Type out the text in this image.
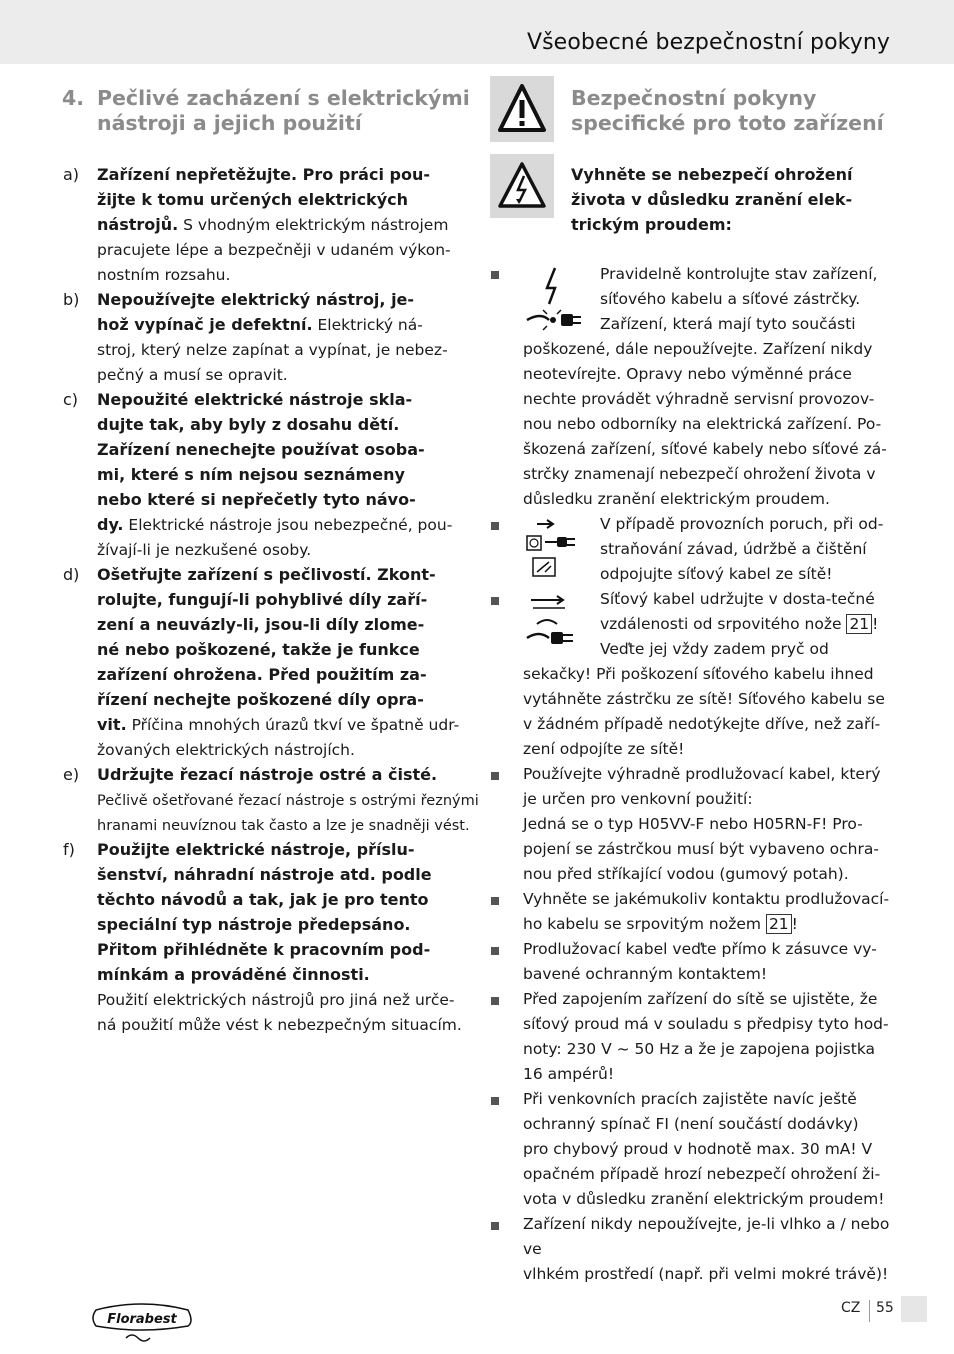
Všeobecné bezpečnostní pokyny
4. Pečlivé zacházení s elektrickými
nástroji a jejich použití
a) Zařízení nepřetěžujte. Pro práci pou-
žijte k tomu určených elektrických
nástrojů. S vhodným elektrickým nástrojem
pracujete lépe a bezpečněji v udaném výkon-
nostním rozsahu.
b) Nepoužívejte elektrický nástroj, je-
hož vypínač je defektní. Elektrický ná-
stroj, který nelze zapínat a vypínat, je nebez-
pečný a musí se opravit.
c) Nepoužité elektrické nástroje skla-
dujte tak, aby byly z dosahu dětí.
Zařízení nenechejte používat osoba-
mi, které s ním nejsou seznámeny
nebo které si nepřečetly tyto návo-
dy. Elektrické nástroje jsou nebezpečné, pou-
žívají-li je nezkušené osoby.
d) Ošetřujte zařízení s pečlivostí. Zkont-
rolujte, fungují-li pohyblivé díly zaří-
zení a neuvázly-li, jsou-li díly zlome-
né nebo poškozené, takže je funkce
zařízení ohrožena. Před použitím za-
řízení nechejte poškozené díly opra-
vit. Příčina mnohých úrazů tkví ve špatně udr-
žovaných elektrických nástrojích.
e) Udržujte řezací nástroje ostré a čisté.
Pečlivě ošetřované řezací nástroje s ostrými řeznými
hranami neuvíznou tak často a lze je snadněji vést.
f) Použijte elektrické nástroje, příslu-
šenství, náhradní nástroje atd. podle
těchto návodů a tak, jak je pro tento
speciální typ nástroje předepsáno.
Přitom přihlédněte k pracovním pod-
mínkám a prováděné činnosti.
Použití elektrických nástrojů pro jiná než urče-
ná použití může vést k nebezpečným situacím.
Bezpečnostní pokyny
specifické pro toto zařízení
Vyhněte se nebezpečí ohrožení
života v důsledku zranění elek-
trickým proudem:
Pravidelně kontrolujte stav zařízení,
síťového kabelu a síťové zástrčky.
Zařízení, která mají tyto součásti
poškozené, dále nepoužívejte. Zařízení nikdy
neotevírejte. Opravy nebo výměnné práce
nechte provádět výhradně servisní provozov-
nou nebo odborníky na elektrická zařízení. Po-
škozená zařízení, síťové kabely nebo síťové zá-
strčky znamenají nebezpečí ohrožení života v
důsledku zranění elektrickým proudem.
V případě provozních poruch, při od-
straňování závad, údržbě a čištění
odpojujte síťový kabel ze sítě!
Síťový kabel udržujte v dosta-tečné
vzdálenosti od srpovitého nože 21 !
Veďte jej vždy zadem pryč od
sekačky! Při poškození síťového kabelu ihned
vytáhněte zástrčku ze sítě! Síťového kabelu se
v žádném případě nedotýkejte dříve, než zaří-
zení odpojíte ze sítě!
Používejte výhradně prodlužovací kabel, který
je určen pro venkovní použití:
Jedná se o typ H05VV-F nebo H05RN-F! Pro-
pojení se zástrčkou musí být vybaveno ochra-
nou před stříkající vodou (gumový potah).
Vyhněte se jakémukoliv kontaktu prodlužovací-
ho kabelu se srpovitým nožem 21 !
Prodlužovací kabel veďte přímo k zásuvce vy-
bavené ochranným kontaktem!
Před zapojením zařízení do sítě se ujistěte, že
síťový proud má v souladu s předpisy tyto hod-
noty: 230 V ~ 50 Hz a že je zapojena pojistka
16 ampérů!
Při venkovních pracích zajistěte navíc ještě
ochranný spínač FI (není součástí dodávky)
pro chybový proud v hodnotě max. 30 mA! V
opačném případě hrozí nebezpečí ohrožení ži-
vota v důsledku zranění elektrickým proudem!
Zařízení nikdy nepoužívejte, je-li vlhko a / nebo ve
vlhkém prostředí (např. při velmi mokré trávě)!
Florabest
CZ 55
